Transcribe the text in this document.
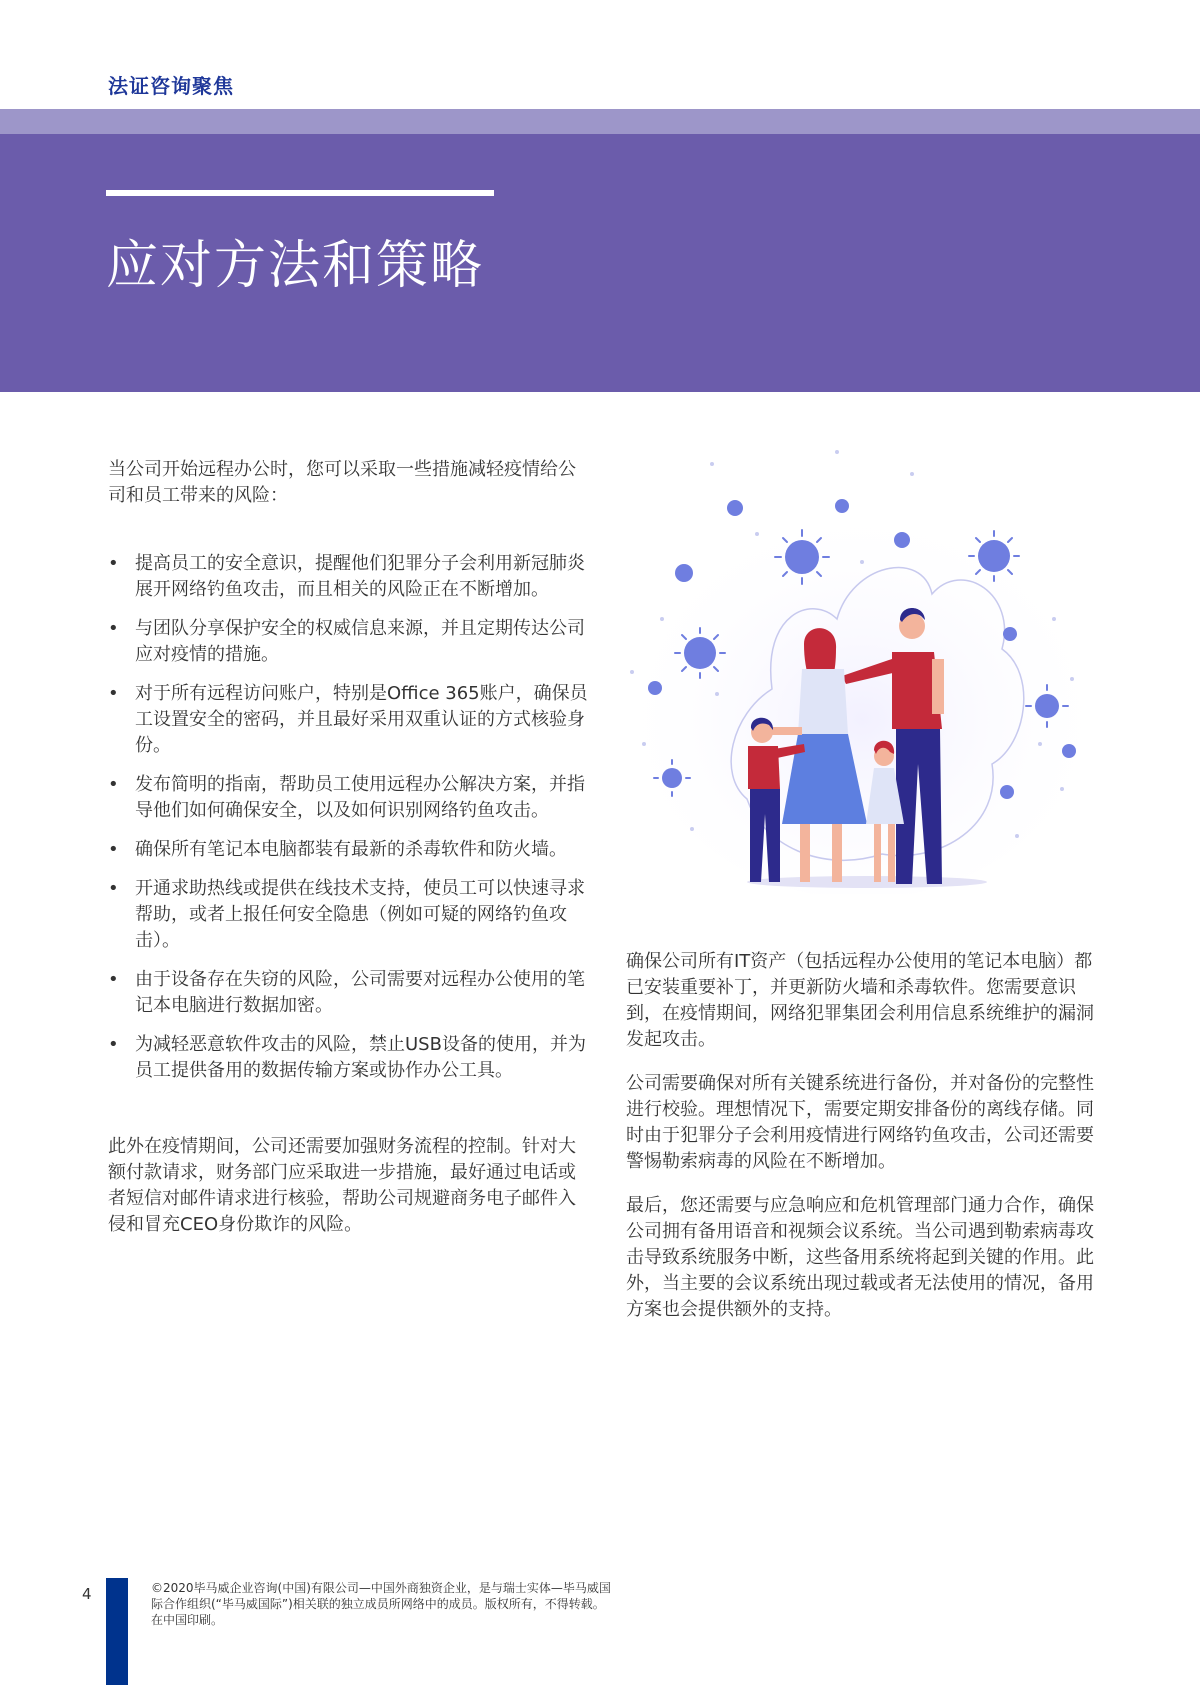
法证咨询聚焦
应对方法和策略

当公司开始远程办公时，您可以采取一些措施减轻疫情给公司和员工带来的风险：

• 提高员工的安全意识，提醒他们犯罪分子会利用新冠肺炎展开网络钓鱼攻击，而且相关的风险正在不断增加。
• 与团队分享保护安全的权威信息来源，并且定期传达公司应对疫情的措施。
• 对于所有远程访问账户，特别是Office 365账户，确保员工设置安全的密码，并且最好采用双重认证的方式核验身份。
• 发布简明的指南，帮助员工使用远程办公解决方案，并指导他们如何确保安全，以及如何识别网络钓鱼攻击。
• 确保所有笔记本电脑都装有最新的杀毒软件和防火墙。
• 开通求助热线或提供在线技术支持，使员工可以快速寻求帮助，或者上报任何安全隐患（例如可疑的网络钓鱼攻击）。
• 由于设备存在失窃的风险，公司需要对远程办公使用的笔记本电脑进行数据加密。
• 为减轻恶意软件攻击的风险，禁止USB设备的使用，并为员工提供备用的数据传输方案或协作办公工具。

此外在疫情期间，公司还需要加强财务流程的控制。针对大额付款请求，财务部门应采取进一步措施，最好通过电话或者短信对邮件请求进行核验，帮助公司规避商务电子邮件入侵和冒充CEO身份欺诈的风险。

确保公司所有IT资产（包括远程办公使用的笔记本电脑）都已安装重要补丁，并更新防火墙和杀毒软件。您需要意识到，在疫情期间，网络犯罪集团会利用信息系统维护的漏洞发起攻击。

公司需要确保对所有关键系统进行备份，并对备份的完整性进行校验。理想情况下，需要定期安排备份的离线存储。同时由于犯罪分子会利用疫情进行网络钓鱼攻击，公司还需要警惕勒索病毒的风险在不断增加。

最后，您还需要与应急响应和危机管理部门通力合作，确保公司拥有备用语音和视频会议系统。当公司遇到勒索病毒攻击导致系统服务中断，这些备用系统将起到关键的作用。此外，当主要的会议系统出现过载或者无法使用的情况，备用方案也会提供额外的支持。

4	©2020毕马威企业咨询(中国)有限公司—中国外商独资企业，是与瑞士实体—毕马威国
际合作组织(“毕马威国际”)相关联的独立成员所网络中的成员。版权所有，不得转载。
在中国印刷。
